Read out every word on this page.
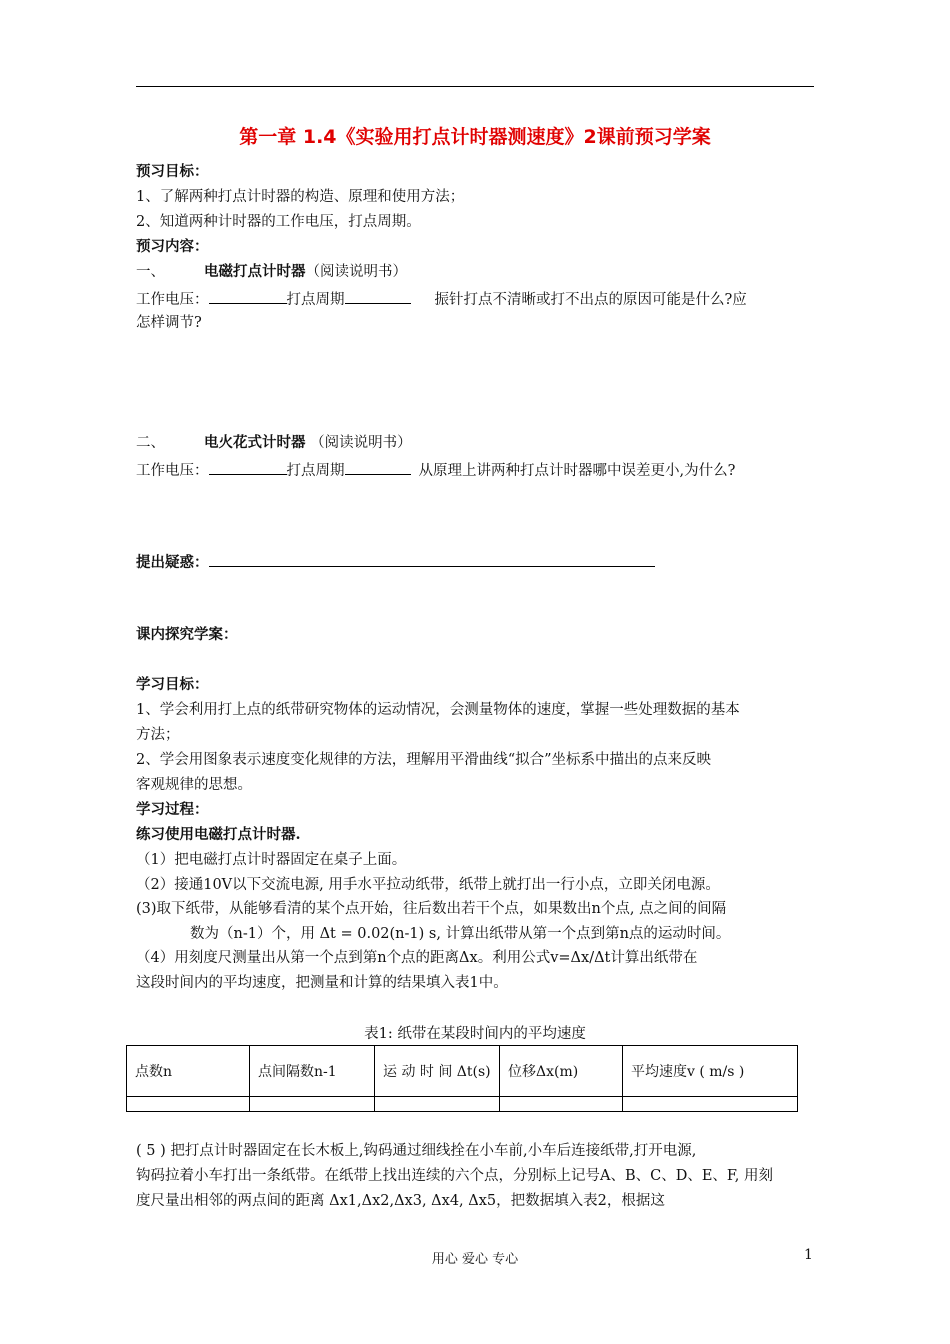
第一章 1.4《实验用打点计时器测速度》2课前预习学案
预习目标：
1、了解两种打点计时器的构造、原理和使用方法；
2、知道两种计时器的工作电压，打点周期。
预习内容：
一、	电磁打点计时器（阅读说明书）
工作电压：	打点周期	振针打点不清晰或打不出点的原因可能是什么?应
怎样调节?
二、	电火花式计时器 （阅读说明书）
工作电压：	打点周期	从原理上讲两种打点计时器哪中误差更小,为什么?
提出疑惑：
课内探究学案：
学习目标：
1、学会利用打上点的纸带研究物体的运动情况，会测量物体的速度，掌握一些处理数据的基本
方法；
2、学会用图象表示速度变化规律的方法，理解用平滑曲线“拟合”坐标系中描出的点来反映
客观规律的思想。
学习过程：
练习使用电磁打点计时器.
（1）把电磁打点计时器固定在桌子上面。
（2）接通10V以下交流电源, 用手水平拉动纸带，纸带上就打出一行小点，立即关闭电源。
(3)取下纸带，从能够看清的某个点开始，往后数出若干个点，如果数出n个点, 点之间的间隔
数为（n-1）个，用 Δt = 0.02(n-1) s, 计算出纸带从第一个点到第n点的运动时间。
（4）用刻度尺测量出从第一个点到第n个点的距离Δx。利用公式v=Δx/Δt计算出纸带在
这段时间内的平均速度，把测量和计算的结果填入表1中。
表1: 纸带在某段时间内的平均速度
点数n	点间隔数n-1	运 动 时 间 Δt(s)	位移Δx(m)	平均速度v ( m/s )

( 5 ) 把打点计时器固定在长木板上,钩码通过细线拴在小车前,小车后连接纸带,打开电源,
钩码拉着小车打出一条纸带。在纸带上找出连续的六个点，分别标上记号A、B、C、D、E、F, 用刻
度尺量出相邻的两点间的距离 Δx1,Δx2,Δx3, Δx4, Δx5，把数据填入表2，根据这
用心 爱心 专心	1
